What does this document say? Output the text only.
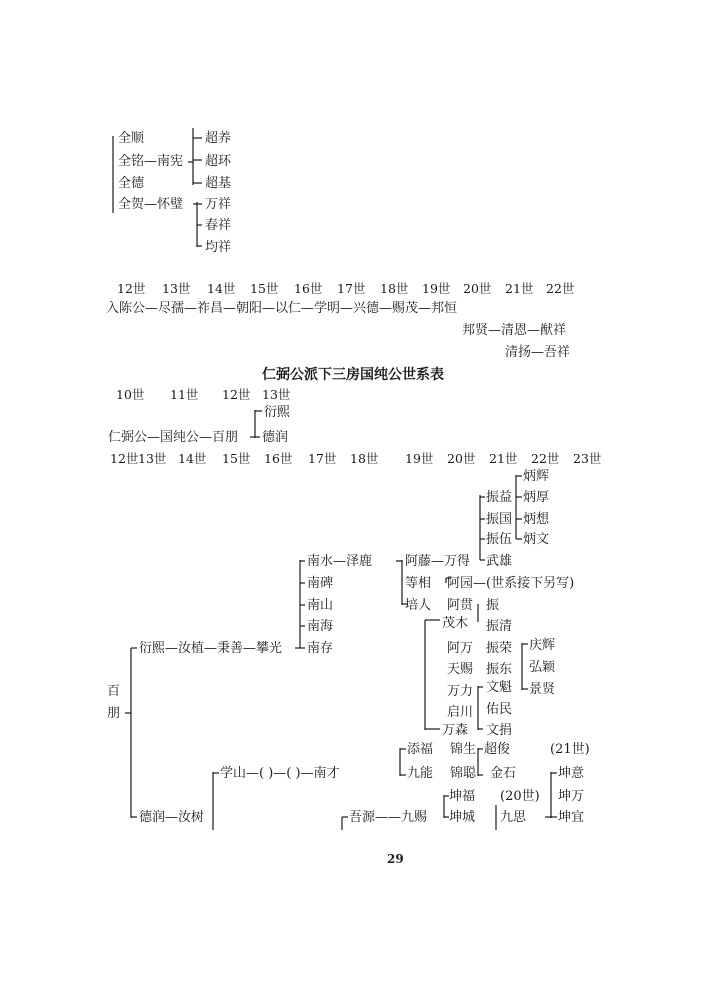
全顺
全铭—南宪
全德
全贺—怀璧
超养
超环
超基
万祥
春祥
均祥
12世 13世 14世 15世 16世 17世 18世 19世 20世 21世 22世
入陈公—尽孺—祚昌—朝阳—以仁—学明—兴德—赐茂—邦恒
邦贤—清恩—猷祥
清扬—吾祥
仁弼公派下三房国纯公世系表
10世 11世 12世 13世
衍熙
仁弼公—国纯公—百朋 德润
12世 13世 14世 15世 16世 17世 18世 19世 20世 21世 22世 23世
炳辉
振益 炳厚
振国 炳想
振伍 炳文
南水—泽鹿	阿藤—万得 武雄
南碑	等相 阿园—(世系接下另写)
南山	培人 阿贯 振
南海	茂木 振清
衍熙—汝植—秉善—攀光 南存	阿万 振荣 庆辉
百
天赐 振东 弘颖
朋
万力 文魁 景贤
启川 佑民
万森 文捐
添福 锦生 超俊	(21世)
学山—( )—( )—南才	九能 锦聪 金石	坤意
坤福 (20世) 坤万
德润—汝树	吾源——九赐 坤城 九思 坤宜
29
